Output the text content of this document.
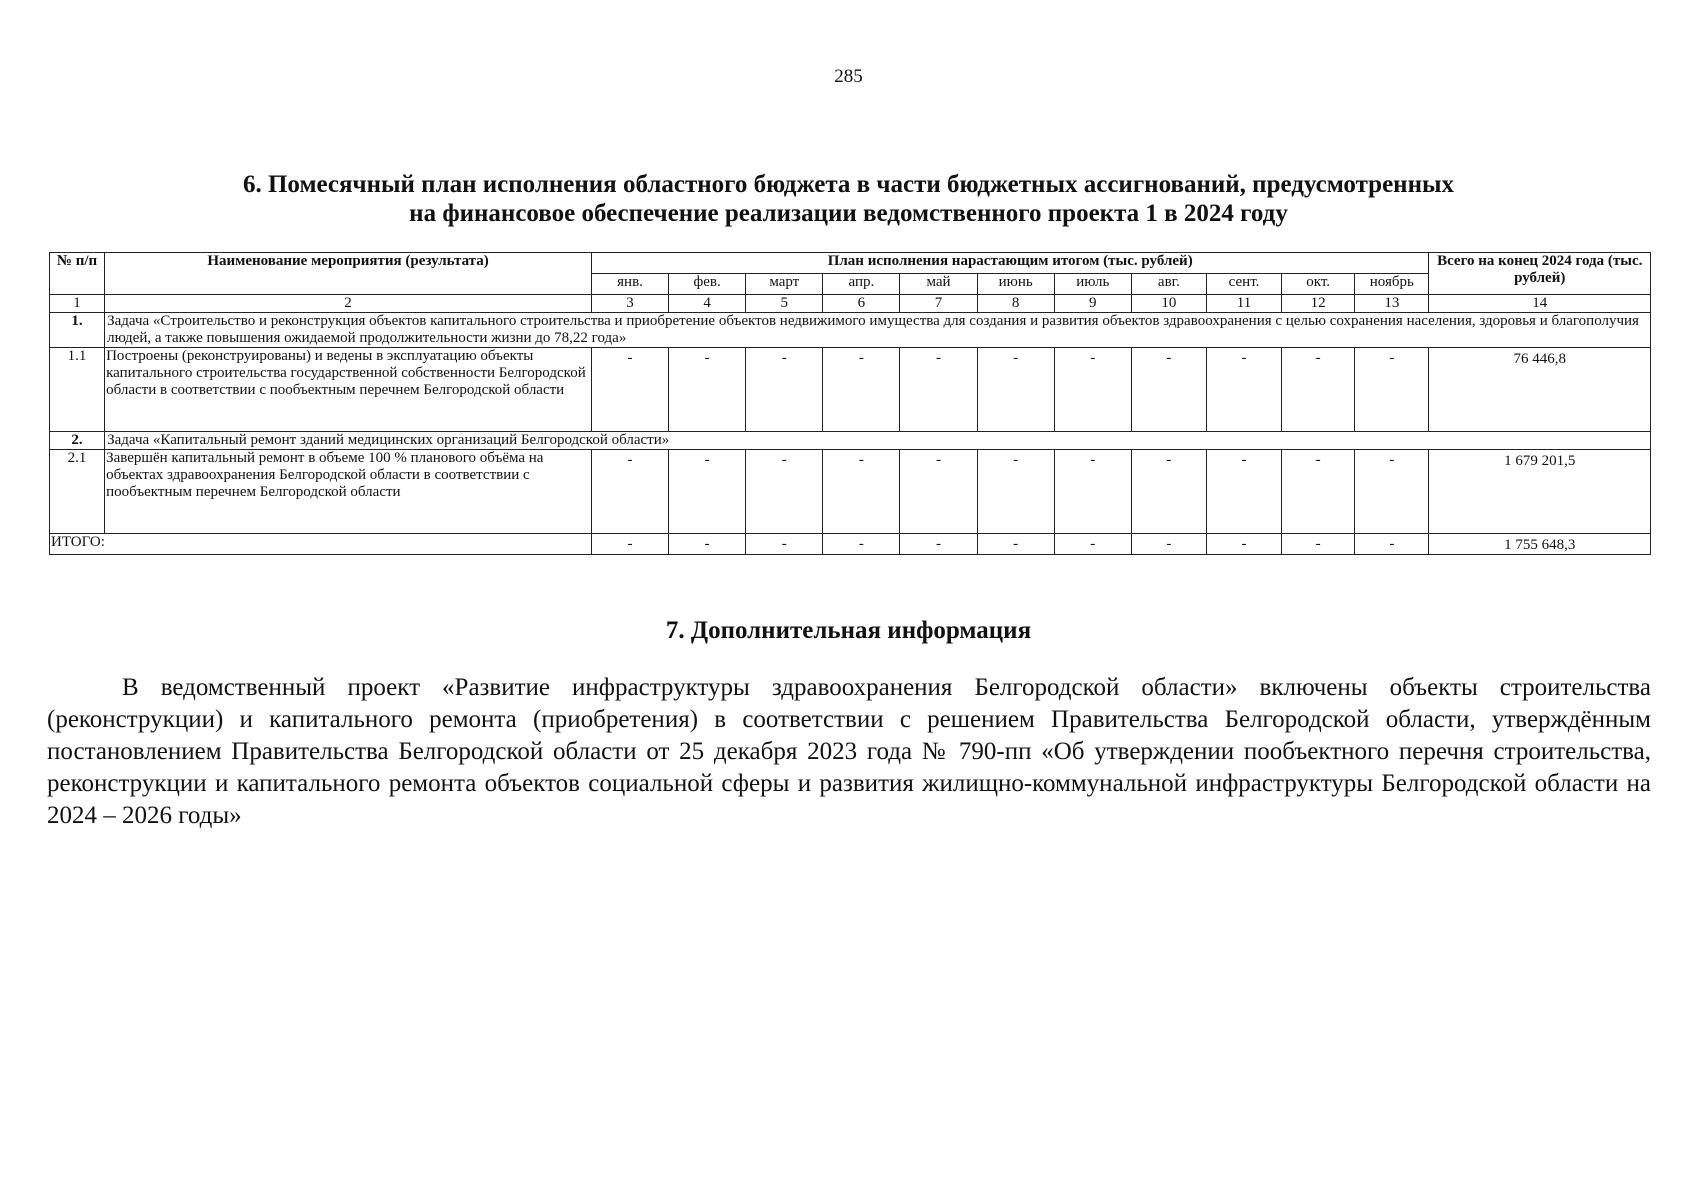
285
6. Помесячный план исполнения областного бюджета в части бюджетных ассигнований, предусмотренных
на финансовое обеспечение реализации ведомственного проекта 1 в 2024 году
№ п/п	Наименование мероприятия (результата)	План исполнения нарастающим итогом (тыс. рублей)											Всего на конец 2024 года (тыс. рублей)
		янв.	фев.	март	апр.	май	июнь	июль	авг.	сент.	окт.	ноябрь	
1	2	3	4	5	6	7	8	9	10	11	12	13	14
1.	Задача «Строительство и реконструкция объектов капитального строительства и приобретение объектов недвижимого имущества для создания и развития объектов здравоохранения с целью сохранения населения, здоровья и благополучия людей, а также повышения ожидаемой продолжительности жизни до 78,22 года»												
1.1	Построены (реконструированы) и ведены в эксплуатацию объекты капитального строительства государственной собственности Белгородской области в соответствии с пообъектным перечнем Белгородской области	-	-	-	-	-	-	-	-	-	-	-	76 446,8
2.	Задача «Капитальный ремонт зданий медицинских организаций Белгородской области»												
2.1	Завершён капитальный ремонт в объеме 100 % планового объёма на объектах здравоохранения Белгородской области в соответствии с пообъектным перечнем Белгородской области	-	-	-	-	-	-	-	-	-	-	-	1 679 201,5
ИТОГО:		-	-	-	-	-	-	-	-	-	-	-	1 755 648,3
7. Дополнительная информация
В ведомственный проект «Развитие инфраструктуры здравоохранения Белгородской области» включены объекты строительства (реконструкции) и капитального ремонта (приобретения) в соответствии с решением Правительства Белгородской области, утверждённым постановлением Правительства Белгородской области от 25 декабря 2023 года № 790-пп «Об утверждении пообъектного перечня строительства, реконструкции и капитального ремонта объектов социальной сферы и развития жилищно-коммунальной инфраструктуры Белгородской области на 2024 – 2026 годы»
